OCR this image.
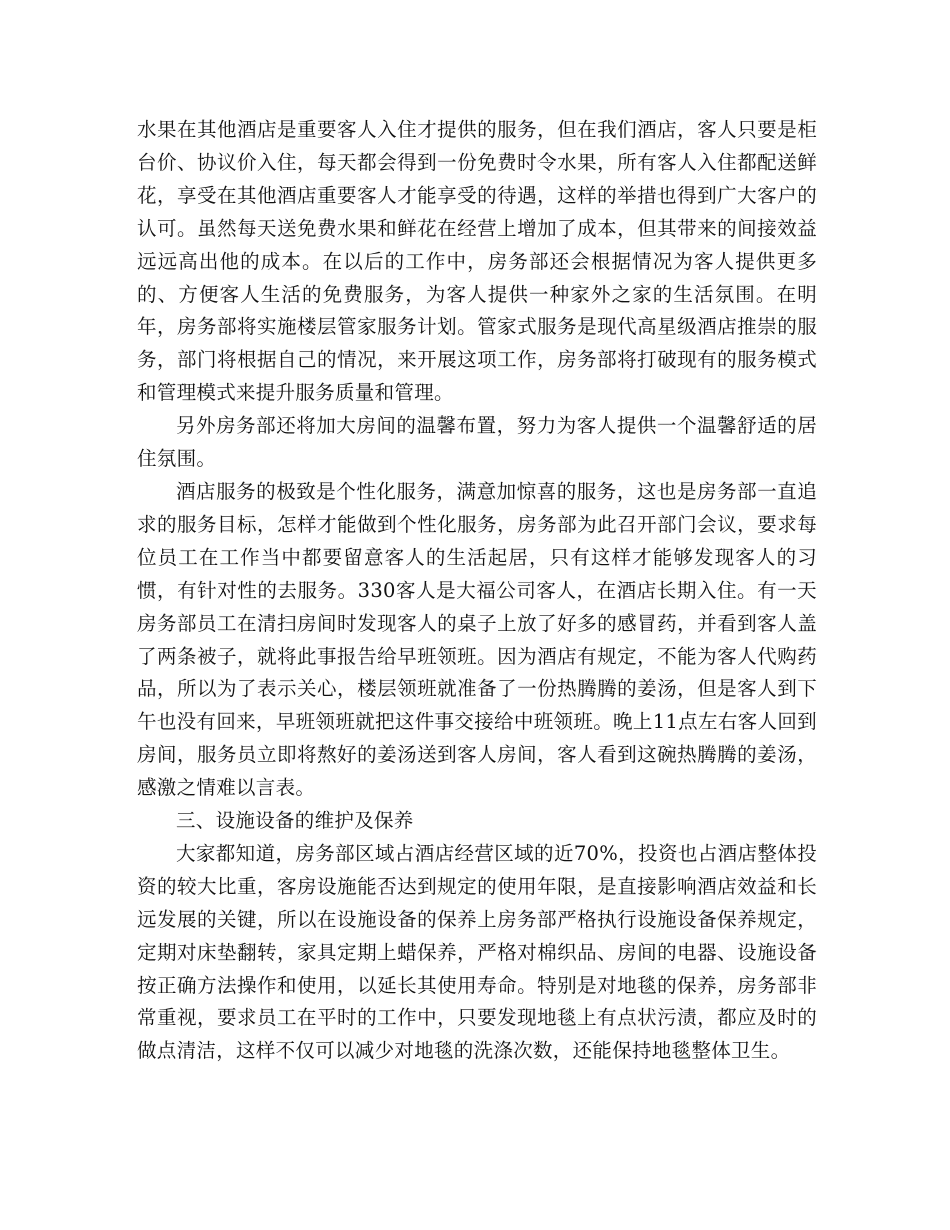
水果在其他酒店是重要客人入住才提供的服务，但在我们酒店，客人只要是柜台价、协议价入住，每天都会得到一份免费时令水果，所有客人入住都配送鲜花，享受在其他酒店重要客人才能享受的待遇，这样的举措也得到广大客户的认可。虽然每天送免费水果和鲜花在经营上增加了成本，但其带来的间接效益远远高出他的成本。在以后的工作中，房务部还会根据情况为客人提供更多的、方便客人生活的免费服务，为客人提供一种家外之家的生活氛围。在明年，房务部将实施楼层管家服务计划。管家式服务是现代高星级酒店推崇的服务，部门将根据自己的情况，来开展这项工作，房务部将打破现有的服务模式和管理模式来提升服务质量和管理。

另外房务部还将加大房间的温馨布置，努力为客人提供一个温馨舒适的居住氛围。

酒店服务的极致是个性化服务，满意加惊喜的服务，这也是房务部一直追求的服务目标，怎样才能做到个性化服务，房务部为此召开部门会议，要求每位员工在工作当中都要留意客人的生活起居，只有这样才能够发现客人的习惯，有针对性的去服务。330客人是大福公司客人，在酒店长期入住。有一天房务部员工在清扫房间时发现客人的桌子上放了好多的感冒药，并看到客人盖了两条被子，就将此事报告给早班领班。因为酒店有规定，不能为客人代购药品，所以为了表示关心，楼层领班就准备了一份热腾腾的姜汤，但是客人到下午也没有回来，早班领班就把这件事交接给中班领班。晚上11点左右客人回到房间，服务员立即将熬好的姜汤送到客人房间，客人看到这碗热腾腾的姜汤，感激之情难以言表。

三、设施设备的维护及保养

大家都知道，房务部区域占酒店经营区域的近70%，投资也占酒店整体投资的较大比重，客房设施能否达到规定的使用年限，是直接影响酒店效益和长远发展的关键，所以在设施设备的保养上房务部严格执行设施设备保养规定，定期对床垫翻转，家具定期上蜡保养，严格对棉织品、房间的电器、设施设备按正确方法操作和使用，以延长其使用寿命。特别是对地毯的保养，房务部非常重视，要求员工在平时的工作中，只要发现地毯上有点状污渍，都应及时的做点清洁，这样不仅可以减少对地毯的洗涤次数，还能保持地毯整体卫生。
